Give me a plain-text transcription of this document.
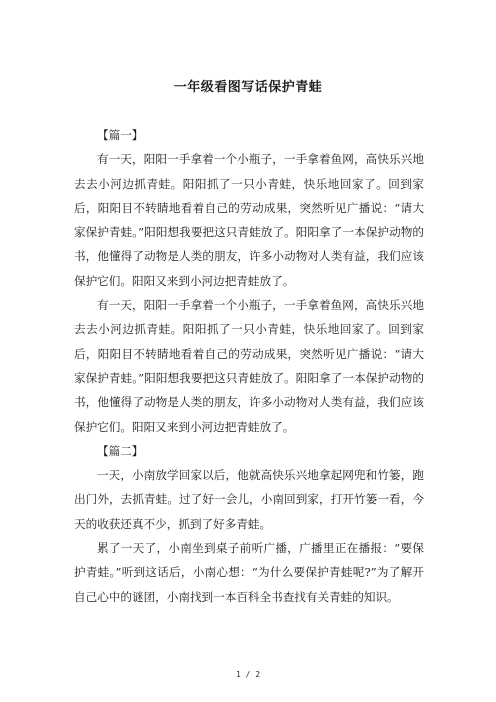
一年级看图写话保护青蛙

【篇一】

有一天，阳阳一手拿着一个小瓶子，一手拿着鱼网，高快乐兴地去去小河边抓青蛙。阳阳抓了一只小青蛙，快乐地回家了。回到家后，阳阳目不转睛地看着自己的劳动成果，突然听见广播说：“请大家保护青蛙。”阳阳想我要把这只青蛙放了。阳阳拿了一本保护动物的书，他懂得了动物是人类的朋友，许多小动物对人类有益，我们应该保护它们。阳阳又来到小河边把青蛙放了。

有一天，阳阳一手拿着一个小瓶子，一手拿着鱼网，高快乐兴地去去小河边抓青蛙。阳阳抓了一只小青蛙，快乐地回家了。回到家后，阳阳目不转睛地看着自己的劳动成果，突然听见广播说：“请大家保护青蛙。”阳阳想我要把这只青蛙放了。阳阳拿了一本保护动物的书，他懂得了动物是人类的朋友，许多小动物对人类有益，我们应该保护它们。阳阳又来到小河边把青蛙放了。

【篇二】

一天，小南放学回家以后，他就高快乐兴地拿起网兜和竹篓，跑出门外，去抓青蛙。过了好一会儿，小南回到家，打开竹篓一看，今天的收获还真不少，抓到了好多青蛙。

累了一天了，小南坐到桌子前听广播，广播里正在播报：“要保护青蛙。”听到这话后，小南心想：“为什么要保护青蛙呢?”为了解开自己心中的谜团，小南找到一本百科全书查找有关青蛙的知识。

1 / 2
